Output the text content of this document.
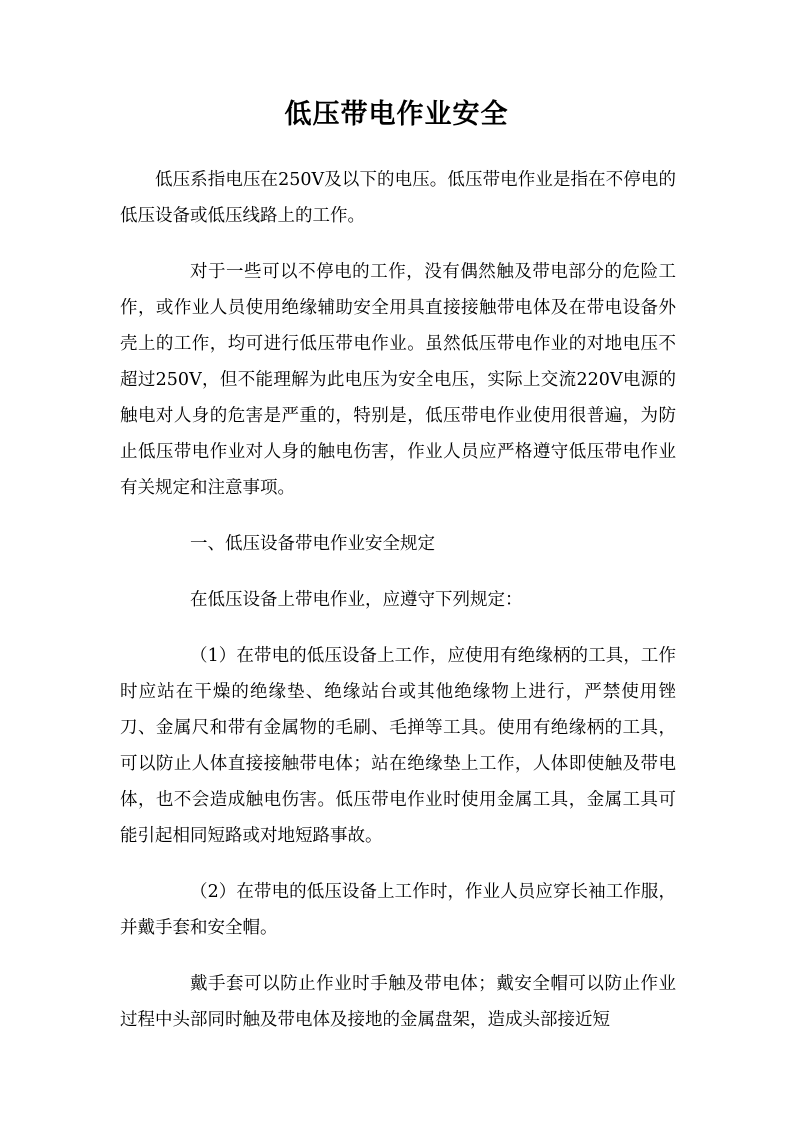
低压带电作业安全

低压系指电压在250V及以下的电压。低压带电作业是指在不停电的低压设备或低压线路上的工作。

对于一些可以不停电的工作，没有偶然触及带电部分的危险工作，或作业人员使用绝缘辅助安全用具直接接触带电体及在带电设备外壳上的工作，均可进行低压带电作业。虽然低压带电作业的对地电压不超过250V，但不能理解为此电压为安全电压，实际上交流220V电源的触电对人身的危害是严重的，特别是，低压带电作业使用很普遍，为防止低压带电作业对人身的触电伤害，作业人员应严格遵守低压带电作业有关规定和注意事项。

一、低压设备带电作业安全规定

在低压设备上带电作业，应遵守下列规定：

（1）在带电的低压设备上工作，应使用有绝缘柄的工具，工作时应站在干燥的绝缘垫、绝缘站台或其他绝缘物上进行，严禁使用锉刀、金属尺和带有金属物的毛刷、毛掸等工具。使用有绝缘柄的工具，可以防止人体直接接触带电体；站在绝缘垫上工作，人体即使触及带电体，也不会造成触电伤害。低压带电作业时使用金属工具，金属工具可能引起相同短路或对地短路事故。

（2）在带电的低压设备上工作时，作业人员应穿长袖工作服，并戴手套和安全帽。

戴手套可以防止作业时手触及带电体；戴安全帽可以防止作业过程中头部同时触及带电体及接地的金属盘架，造成头部接近短
